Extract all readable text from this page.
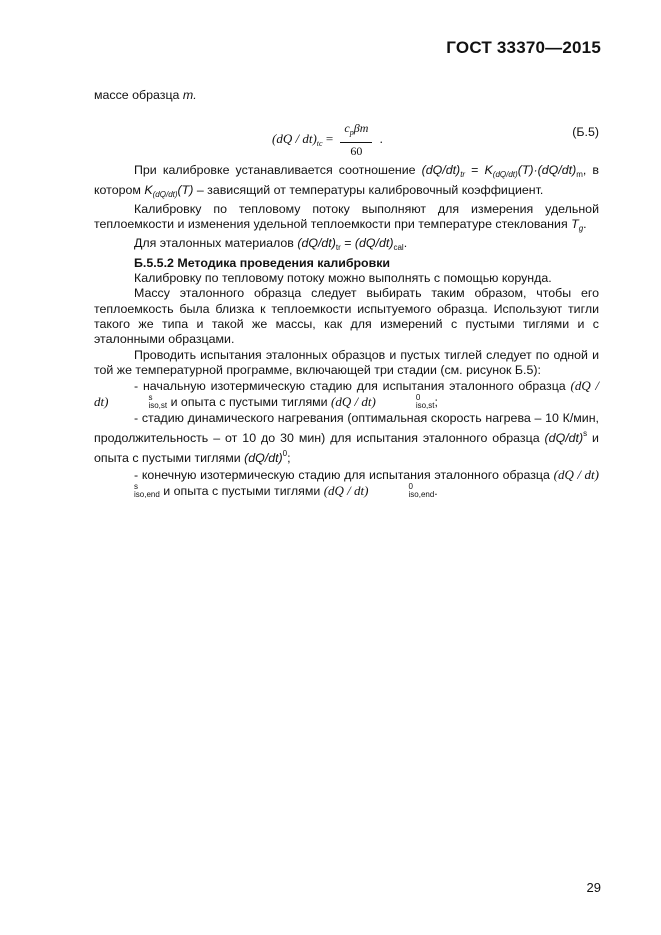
ГОСТ 33370—2015

массе образца m.

$(dQ / dt)_{tc} = \frac{c_p\beta m}{60}$ .	(Б.5)

При калибровке устанавливается соотношение $(dQ/dt)_{tr} = K_{(dQ/dt)}(T)\cdot(dQ/dt)_m$, в котором $K_{(dQ/dt)}(T)$ – зависящий от температуры калибровочный коэффициент.

Калибровку по тепловому потоку выполняют для измерения удельной теплоемкости и изменения удельной теплоемкости при температуре стеклования $T_g$.

Для эталонных материалов $(dQ/dt)_{tr} = (dQ/dt)_{cal}$.

Б.5.5.2 Методика проведения калибровки

Калибровку по тепловому потоку можно выполнять с помощью корунда.

Массу эталонного образца следует выбирать таким образом, чтобы его теплоемкость была близка к теплоемкости испытуемого образца. Используют тигли такого же типа и такой же массы, как для измерений с пустыми тиглями и с эталонными образцами.

Проводить испытания эталонных образцов и пустых тиглей следует по одной и той же температурной программе, включающей три стадии (см. рисунок Б.5):

- начальную изотермическую стадию для испытания эталонного образца (dQ / dt)	s
iso,st и опыта с пустыми тиглями (dQ / dt)	0
iso,st ;

- стадию динамического нагревания (оптимальная скорость нагрева – 10 К/мин, продолжительность – от 10 до 30 мин) для испытания эталонного образца $(dQ/dt)^s$ и опыта с пустыми тиглями $(dQ/dt)^0$;

- конечную изотермическую стадию для испытания эталонного образца (dQ / dt)
s
iso,end и опыта с пустыми тиглями (dQ / dt)	0
iso,end .

29
